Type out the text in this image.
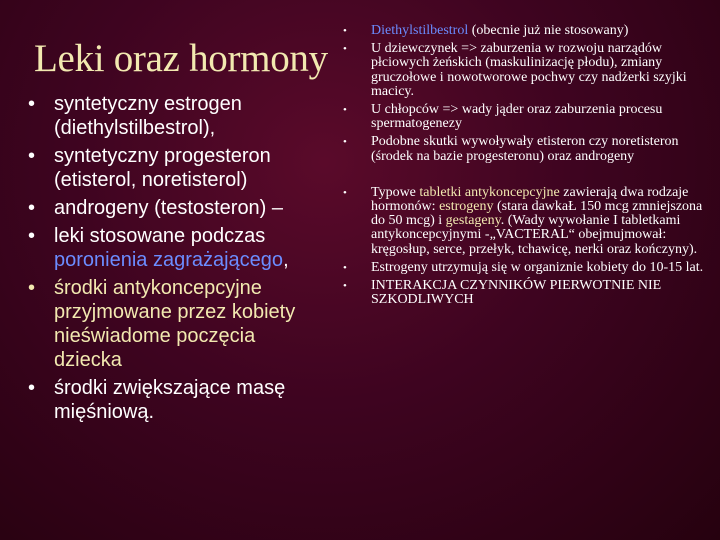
Leki oraz hormony
• syntetyczny estrogen (diethylstilbestrol),
• syntetyczny progesteron (etisterol, noretisterol)
• androgeny (testosteron) –
• leki stosowane podczas poronienia zagrażającego,
• środki antykoncepcyjne przyjmowane przez kobiety nieświadome poczęcia dziecka
• środki zwiększające masę mięśniową.
• Diethylstilbestrol (obecnie już nie stosowany)
• U dziewczynek => zaburzenia w rozwoju narządów płciowych żeńskich (maskulinizację płodu), zmiany gruczołowe i nowotworowe pochwy czy nadżerki szyjki macicy.
• U chłopców => wady jąder oraz zaburzenia procesu spermatogenezy
• Podobne skutki wywoływały etisteron czy noretisteron (środek na bazie progesteronu) oraz androgeny
• Typowe tabletki antykoncepcyjne zawierają dwa rodzaje hormonów: estrogeny (stara dawkaŁ 150 mcg zmniejszona do 50 mcg) i gestageny. (Wady wywołanie I tabletkami antykoncepcyjnymi -„VACTERAL“ obejmujmował: kręgosłup, serce, przełyk, tchawicę, nerki oraz kończyny).
• Estrogeny utrzymują się w organiznie kobiety do 10-15 lat.
• INTERAKCJA CZYNNIKÓW PIERWOTNIE NIE SZKODLIWYCH
